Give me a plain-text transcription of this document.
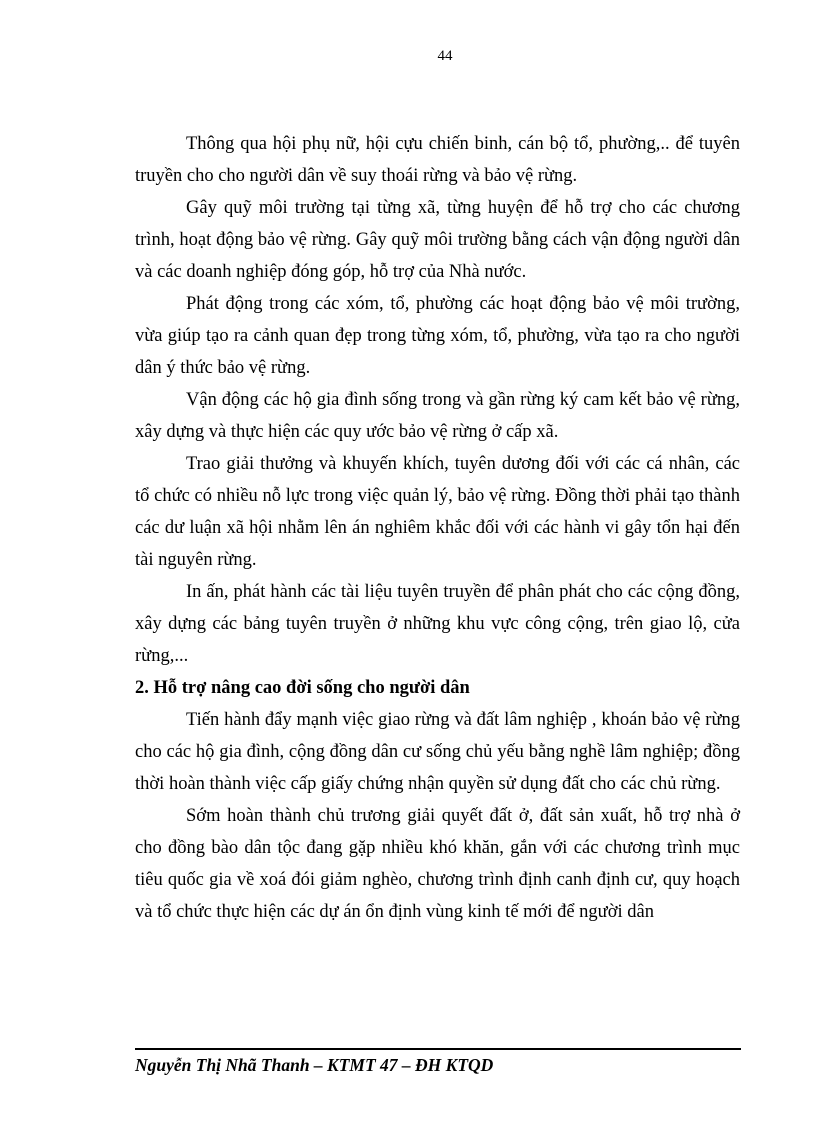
44

Thông qua hội phụ nữ, hội cựu chiến binh, cán bộ tổ, phường,.. để tuyên truyền cho cho người dân về suy thoái rừng và bảo vệ rừng.

Gây quỹ môi trường tại từng xã, từng huyện để hỗ trợ cho các chương trình, hoạt động bảo vệ rừng. Gây quỹ môi trường bằng cách vận động người dân và các doanh nghiệp đóng góp, hỗ trợ của Nhà nước.

Phát động trong các xóm, tổ, phường các hoạt động bảo vệ môi trường, vừa giúp tạo ra cảnh quan đẹp trong từng xóm, tổ, phường, vừa tạo ra cho người dân ý thức bảo vệ rừng.

Vận động các hộ gia đình sống trong và gần rừng ký cam kết bảo vệ rừng, xây dựng và thực hiện các quy ước bảo vệ rừng ở cấp xã.

Trao giải thưởng và khuyến khích, tuyên dương đối với các cá nhân, các tổ chức có nhiều nỗ lực trong việc quản lý, bảo vệ rừng. Đồng thời phải tạo thành các dư luận xã hội nhằm lên án nghiêm khắc đối với các hành vi gây tổn hại đến tài nguyên rừng.

In ấn, phát hành các tài liệu tuyên truyền để phân phát cho các cộng đồng, xây dựng các bảng tuyên truyền ở những khu vực công cộng, trên giao lộ, cửa rừng,...

2. Hỗ trợ nâng cao đời sống cho người dân

Tiến hành đẩy mạnh việc giao rừng và đất lâm nghiệp , khoán bảo vệ rừng cho các hộ gia đình, cộng đồng dân cư sống chủ yếu bằng nghề lâm nghiệp; đồng thời hoàn thành việc cấp giấy chứng nhận quyền sử dụng đất cho các chủ rừng.

Sớm hoàn thành chủ trương giải quyết đất ở, đất sản xuất, hỗ trợ nhà ở cho đồng bào dân tộc đang gặp nhiều khó khăn, gắn với các chương trình mục tiêu quốc gia về xoá đói giảm nghèo, chương trình định canh định cư, quy hoạch và tổ chức thực hiện các dự án ổn định vùng kinh tế mới để người dân

Nguyễn Thị Nhã Thanh – KTMT 47 – ĐH KTQD
